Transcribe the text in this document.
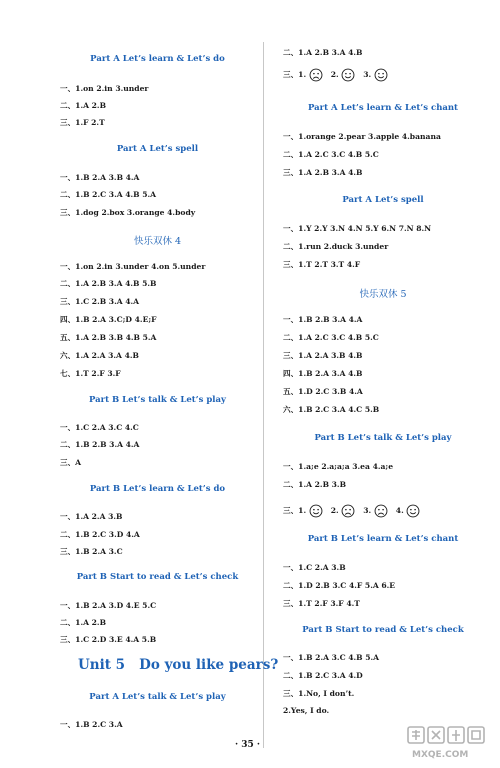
Part A Let’s learn & Let’s do
一、1.on 2.in 3.under
二、1.A 2.B
三、1.F 2.T
Part A Let’s spell
一、1.B 2.A 3.B 4.A
二、1.B 2.C 3.A 4.B 5.A
三、1.dog 2.box 3.orange 4.body
快乐双休 4
一、1.on 2.in 3.under 4.on 5.under
二、1.A 2.B 3.A 4.B 5.B
三、1.C 2.B 3.A 4.A
四、1.B 2.A 3.C;D 4.E;F
五、1.A 2.B 3.B 4.B 5.A
六、1.A 2.A 3.A 4.B
七、1.T 2.F 3.F
Part B Let’s talk & Let’s play
一、1.C 2.A 3.C 4.C
二、1.B 2.B 3.A 4.A
三、A
Part B Let’s learn & Let’s do
一、1.A 2.A 3.B
二、1.B 2.C 3.D 4.A
三、1.B 2.A 3.C
Part B Start to read & Let’s check
一、1.B 2.A 3.D 4.E 5.C
二、1.A 2.B
三、1.C 2.D 3.E 4.A 5.B
Unit 5 Do you like pears?
Part A Let’s talk & Let’s play
一、1.B 2.C 3.A
二、1.A 2.B 3.A 4.B
三、1.	2.	3.
Part A Let’s learn & Let’s chant
一、1.orange 2.pear 3.apple 4.banana
二、1.A 2.C 3.C 4.B 5.C
三、1.A 2.B 3.A 4.B
Part A Let’s spell
一、1.Y 2.Y 3.N 4.N 5.Y 6.N 7.N 8.N
二、1.run 2.duck 3.under
三、1.T 2.T 3.T 4.F
快乐双休 5
一、1.B 2.B 3.A 4.A
二、1.A 2.C 3.C 4.B 5.C
三、1.A 2.A 3.B 4.B
四、1.B 2.A 3.A 4.B
五、1.D 2.C 3.B 4.A
六、1.B 2.C 3.A 4.C 5.B
Part B Let’s talk & Let’s play
一、1.a;e 2.a;a;a 3.ea 4.a;e
二、1.A 2.B 3.B
三、1.	2.	3.	4.
Part B Let’s learn & Let’s chant
一、1.C 2.A 3.B
二、1.D 2.B 3.C 4.F 5.A 6.E
三、1.T 2.F 3.F 4.T
Part B Start to read & Let’s check
一、1.B 2.A 3.C 4.B 5.A
二、1.B 2.C 3.A 4.D
三、1.No, I don’t.
2.Yes, I do.
· 35 ·
MXQE.COM
